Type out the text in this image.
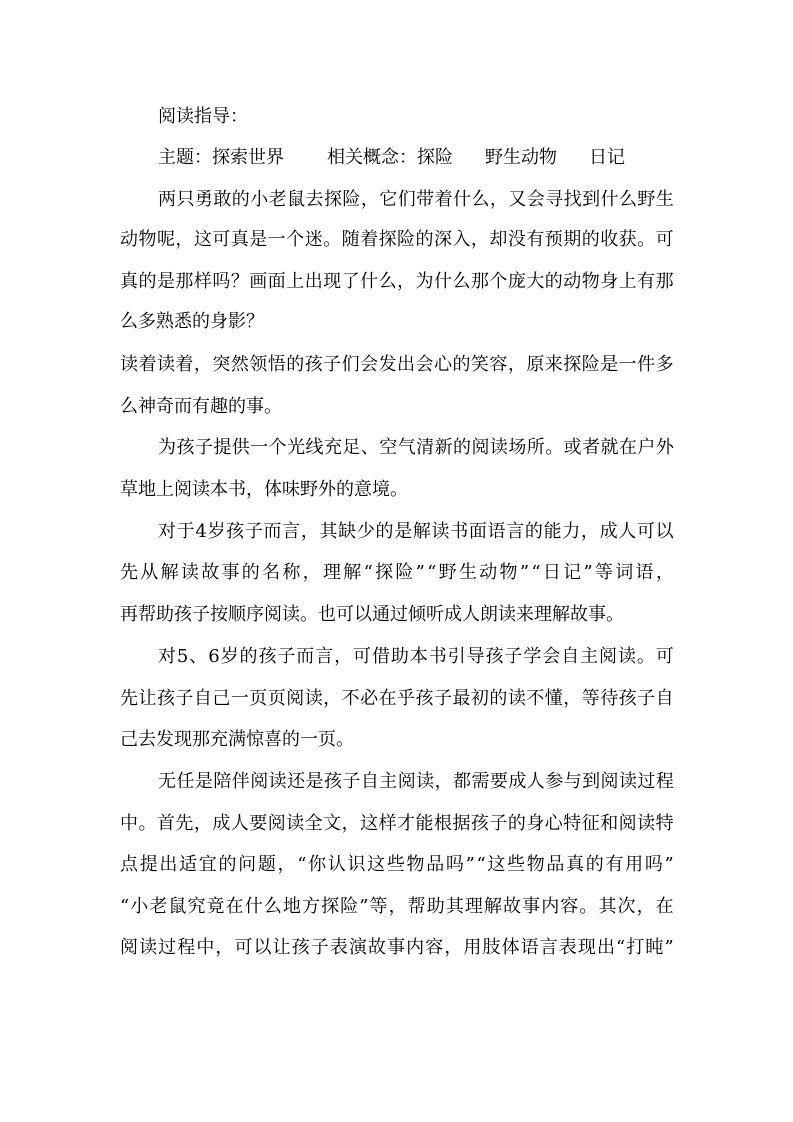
阅读指导：
主题：探索世界 相关概念：探险 野生动物 日记
两 只 勇 敢 的 小 老 鼠 去 探 险 ， 它 们 带 着 什 么 ， 又 会 寻 找 到 什 么 野 生
动 物 呢 ， 这 可 真 是 一 个 迷 。 随 着 探 险 的 深 入 ， 却 没 有 预 期 的 收 获 。 可
真 的 是 那 样 吗 ？ 画 面 上 出 现 了 什 么 ， 为 什 么 那 个 庞 大 的 动 物 身 上 有 那
么多熟悉的身影？
读 着 读 着 ， 突 然 领 悟 的 孩 子 们 会 发 出 会 心 的 笑 容 ， 原 来 探 险 是 一 件 多
么神奇而有趣的事。
为 孩 子 提 供 一 个 光 线 充 足 、 空 气 清 新 的 阅 读 场 所 。 或 者 就 在 户 外
草地上阅读本书，体味野外的意境。
对 于 4 岁 孩 子 而 言 ， 其 缺 少 的 是 解 读 书 面 语 言 的 能 力 ， 成 人 可 以
先 从 解 读 故 事 的 名 称 ， 理 解 “ 探 险 ” “ 野 生 动 物 ” “ 日 记 ” 等 词 语 ，
再帮助孩子按顺序阅读。也可以通过倾听成人朗读来理解故事。
对 5 、 6 岁 的 孩 子 而 言 ， 可 借 助 本 书 引 导 孩 子 学 会 自 主 阅 读 。 可
先 让 孩 子 自 己 一 页 页 阅 读 ， 不 必 在 乎 孩 子 最 初 的 读 不 懂 ， 等 待 孩 子 自
己去发现那充满惊喜的一页。
无 任 是 陪 伴 阅 读 还 是 孩 子 自 主 阅 读 ， 都 需 要 成 人 参 与 到 阅 读 过 程
中 。 首 先 ， 成 人 要 阅 读 全 文 ， 这 样 才 能 根 据 孩 子 的 身 心 特 征 和 阅 读 特
点 提 出 适 宜 的 问 题 ， “ 你 认 识 这 些 物 品 吗 ” “ 这 些 物 品 真 的 有 用 吗 ”
“ 小 老 鼠 究 竟 在 什 么 地 方 探 险 ” 等 ， 帮 助 其 理 解 故 事 内 容 。 其 次 ， 在
阅 读 过 程 中 ， 可 以 让 孩 子 表 演 故 事 内 容 ， 用 肢 体 语 言 表 现 出 “ 打 盹 ”
